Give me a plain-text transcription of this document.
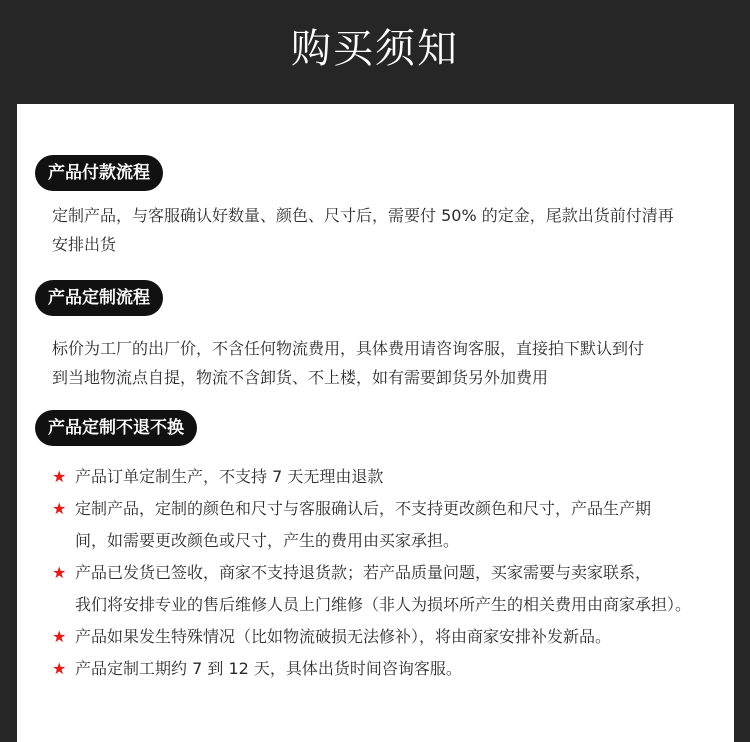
购买须知
产品付款流程
定制产品，与客服确认好数量、颜色、尺寸后，需要付 50% 的定金，尾款出货前付清再
安排出货
产品定制流程
标价为工厂的出厂价，不含任何物流费用，具体费用请咨询客服，直接拍下默认到付
到当地物流点自提，物流不含卸货、不上楼，如有需要卸货另外加费用
产品定制不退不换
★ 产品订单定制生产，不支持 7 天无理由退款
★ 定制产品，定制的颜色和尺寸与客服确认后，不支持更改颜色和尺寸，产品生产期
间，如需要更改颜色或尺寸，产生的费用由买家承担。
★ 产品已发货已签收，商家不支持退货款；若产品质量问题，买家需要与卖家联系，
我们将安排专业的售后维修人员上门维修（非人为损坏所产生的相关费用由商家承担）。
★ 产品如果发生特殊情况（比如物流破损无法修补），将由商家安排补发新品。
★ 产品定制工期约 7 到 12 天，具体出货时间咨询客服。
